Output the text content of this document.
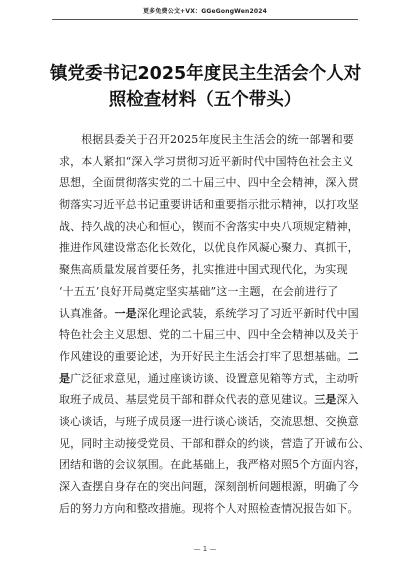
更多免费公文+VX：GGeGongWen2024
镇党委书记2025年度民主生活会个人对
照检查材料（五个带头）
　　根据县委关于召开2025年度民主生活会的统一部署和要
求，本人紧扣“深入学习贯彻习近平新时代中国特色社会主义
思想，全面贯彻落实党的二十届三中、四中全会精神，深入贯
彻落实习近平总书记重要讲话和重要指示批示精神，以打攻坚
战、持久战的决心和恒心，锲而不舍落实中央八项规定精神，
推进作风建设常态化长效化，以优良作风凝心聚力、真抓干，
聚焦高质量发展首要任务，扎实推进中国式现代化，为实现
‘十五五’良好开局奠定坚实基础”这一主题，在会前进行了
认真准备。一是深化理论武装，系统学习了习近平新时代中国
特色社会主义思想、党的二十届三中、四中全会精神以及关于
作风建设的重要论述，为开好民主生活会打牢了思想基础。二
是广泛征求意见，通过座谈访谈、设置意见箱等方式，主动听
取班子成员、基层党员干部和群众代表的意见建议。三是深入
谈心谈话，与班子成员逐一进行谈心谈话，交流思想、交换意
见，同时主动接受党员、干部和群众的约谈，营造了开诚布公、
团结和谐的会议氛围。在此基础上，我严格对照5个方面内容，
深入查摆自身存在的突出问题，深刻剖析问题根源，明确了今
后的努力方向和整改措施。现将个人对照检查情况报告如下。
— 1 —
